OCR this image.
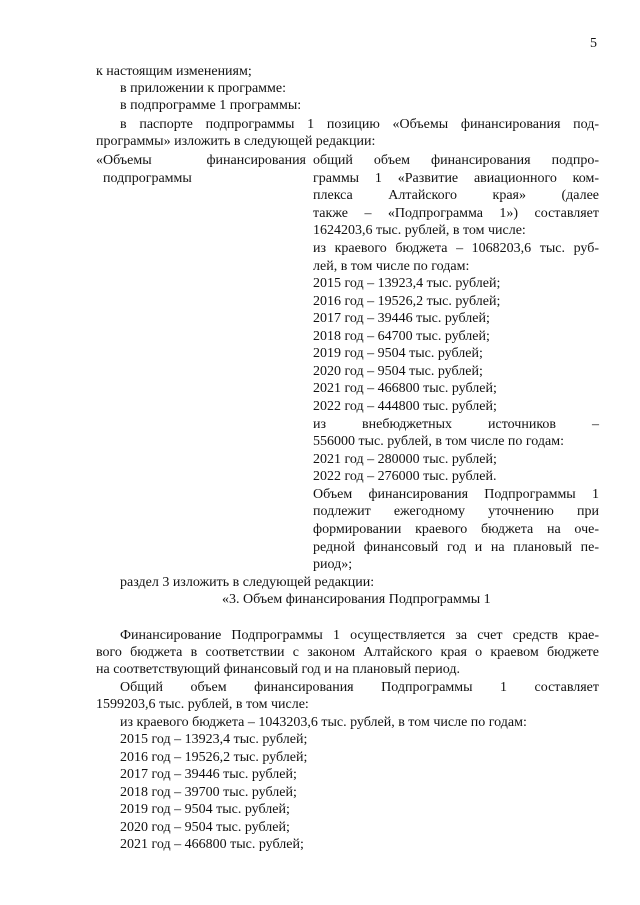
5
к настоящим изменениям;
в приложении к программе:
в подпрограмме 1 программы:
в паспорте подпрограммы 1 позицию «Объемы финансирования под-
программы» изложить в следующей редакции:
«Объемы финансирования
подпрограммы
общий объем финансирования подпро-
граммы 1 «Развитие авиационного ком-
плекса Алтайского края» (далее
также – «Подпрограмма 1») составляет
1624203,6 тыс. рублей, в том числе:
из краевого бюджета – 1068203,6 тыс. руб-
лей, в том числе по годам:
2015 год – 13923,4 тыс. рублей;
2016 год – 19526,2 тыс. рублей;
2017 год – 39446 тыс. рублей;
2018 год – 64700 тыс. рублей;
2019 год – 9504 тыс. рублей;
2020 год – 9504 тыс. рублей;
2021 год – 466800 тыс. рублей;
2022 год – 444800 тыс. рублей;
из внебюджетных источников –
556000 тыс. рублей, в том числе по годам:
2021 год – 280000 тыс. рублей;
2022 год – 276000 тыс. рублей.
Объем финансирования Подпрограммы 1
подлежит ежегодному уточнению при
формировании краевого бюджета на оче-
редной финансовый год и на плановый пе-
риод»;
раздел 3 изложить в следующей редакции:
«3. Объем финансирования Подпрограммы 1
Финансирование Подпрограммы 1 осуществляется за счет средств крае-
вого бюджета в соответствии с законом Алтайского края о краевом бюджете
на соответствующий финансовый год и на плановый период.
Общий объем финансирования Подпрограммы 1 составляет
1599203,6 тыс. рублей, в том числе:
из краевого бюджета – 1043203,6 тыс. рублей, в том числе по годам:
2015 год – 13923,4 тыс. рублей;
2016 год – 19526,2 тыс. рублей;
2017 год – 39446 тыс. рублей;
2018 год – 39700 тыс. рублей;
2019 год – 9504 тыс. рублей;
2020 год – 9504 тыс. рублей;
2021 год – 466800 тыс. рублей;
